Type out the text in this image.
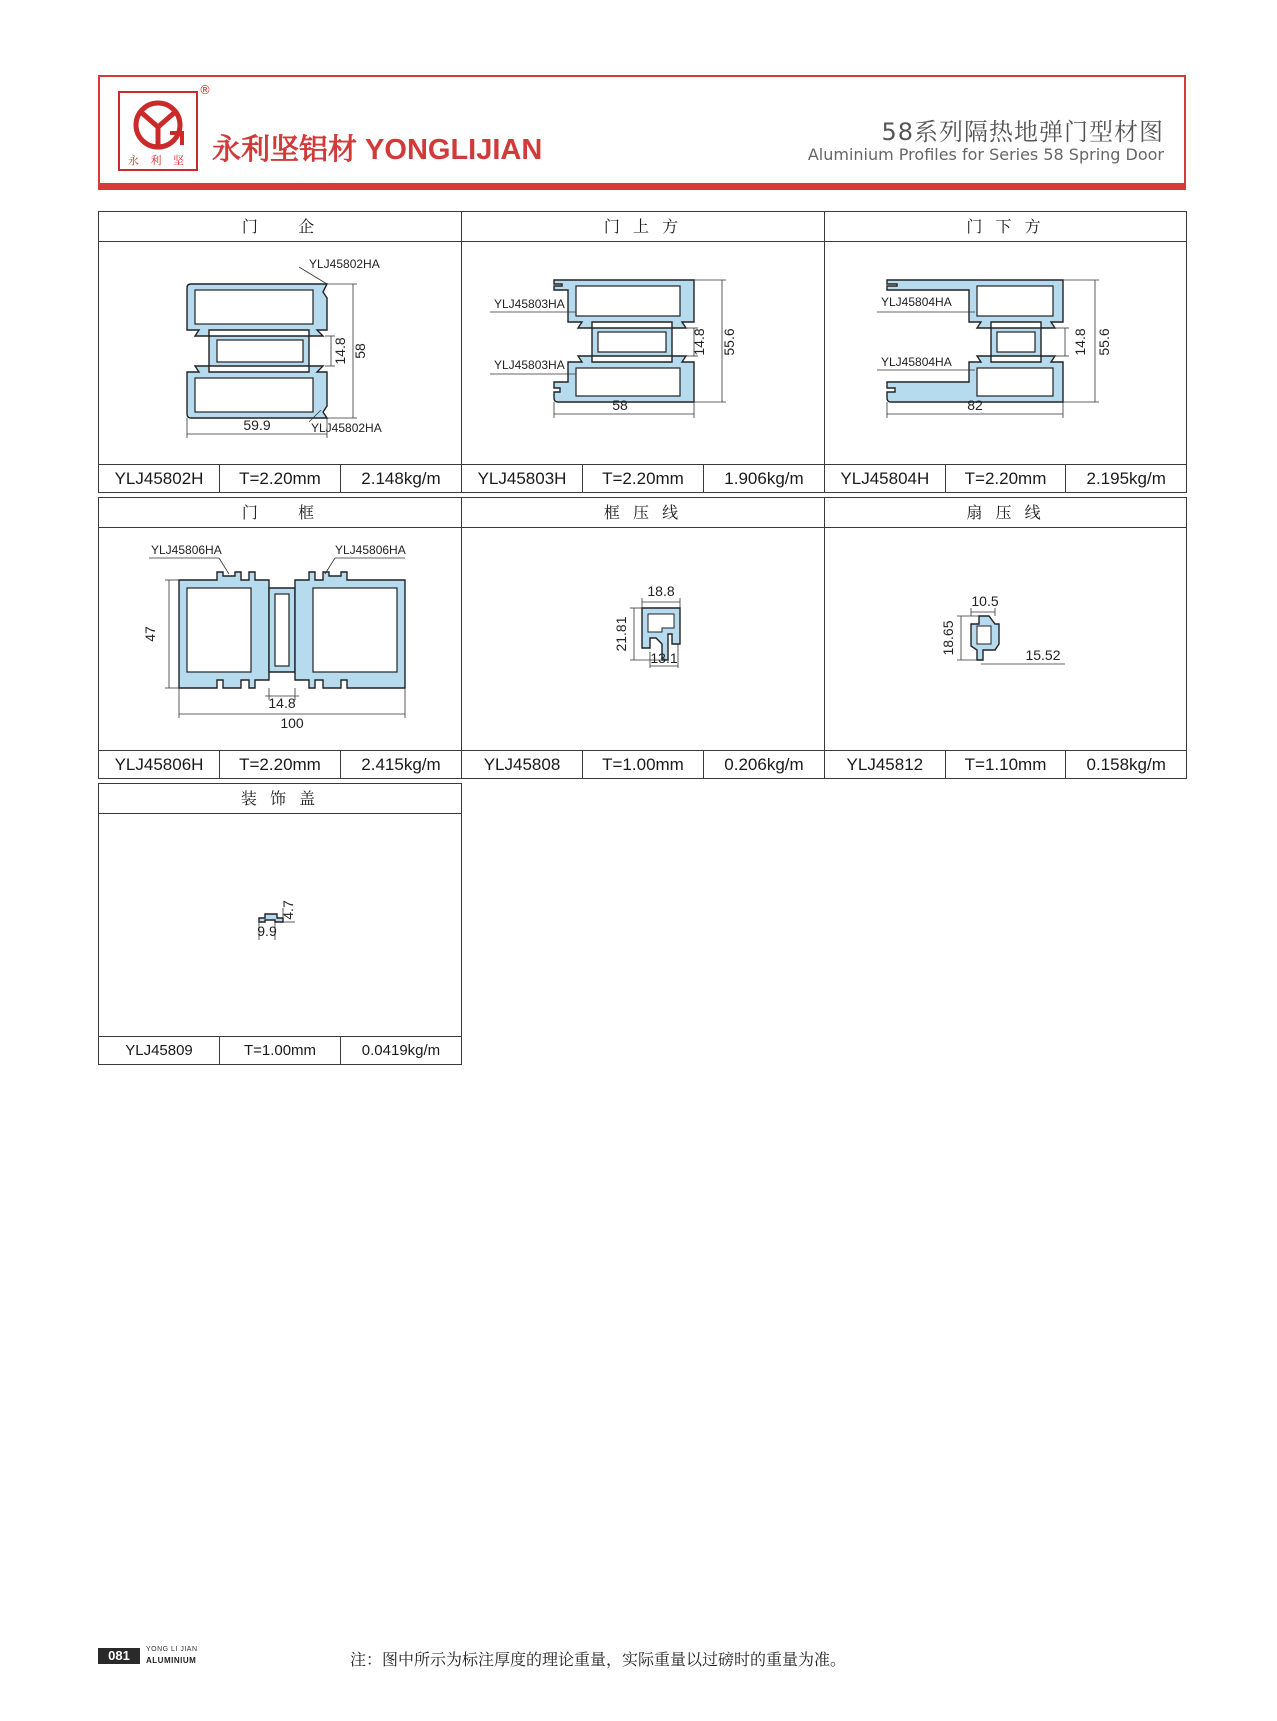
永 利 坚
®
永利坚铝材 YONGLIJIAN
58系列隔热地弹门型材图
Aluminium Profiles for Series 58 Spring Door
门    企
YLJ45802HA
YLJ45802HA
59.9
14.8 58
YLJ45802H	T=2.20mm	2.148kg/m
门 上 方
YLJ45803HA
YLJ45803HA
58
14.8 55.6
YLJ45803H	T=2.20mm	1.906kg/m
门 下 方
YLJ45804HA
YLJ45804HA
82
14.8 55.6
YLJ45804H	T=2.20mm	2.195kg/m
门    框
YLJ45806HA	YLJ45806HA
47
14.8
100
YLJ45806H	T=2.20mm	2.415kg/m
框 压 线
18.8
21.81
13.1
YLJ45808	T=1.00mm	0.206kg/m
扇 压 线
10.5
18.65	15.52
YLJ45812	T=1.10mm	0.158kg/m
装 饰 盖
4.7
9.9
YLJ45809	T=1.00mm	0.0419kg/m
081	YONG LI JIAN
ALUMINIUM	注：图中所示为标注厚度的理论重量，实际重量以过磅时的重量为准。
